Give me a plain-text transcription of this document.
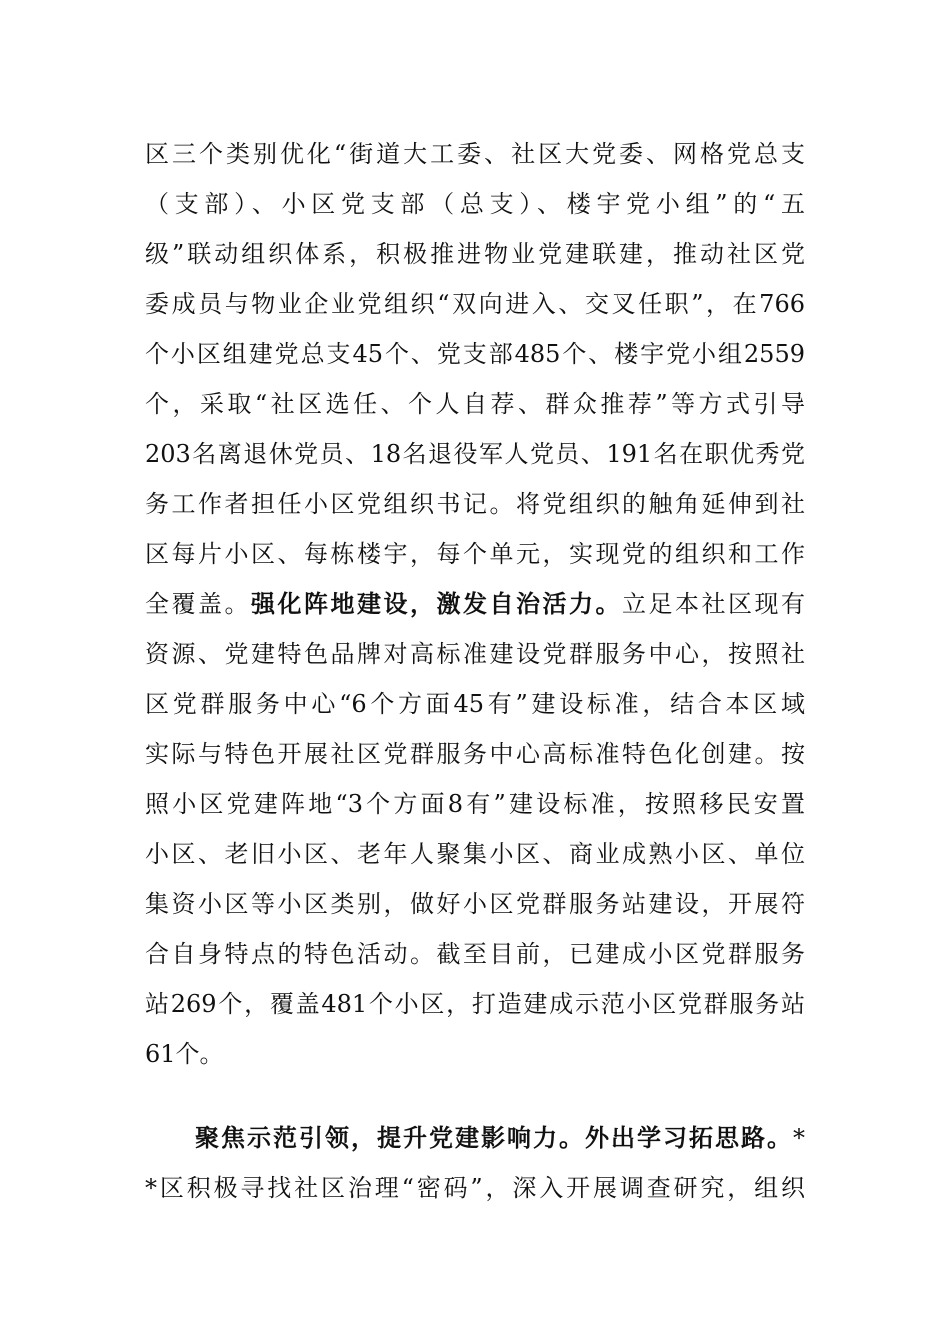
区三个类别优化“街道大工委、社区大党委、网格党总支
（支部）、小区党支部（总支）、楼宇党小组”的“五
级”联动组织体系，积极推进物业党建联建，推动社区党
委成员与物业企业党组织“双向进入、交叉任职”，在766
个小区组建党总支45个、党支部485个、楼宇党小组2559
个，采取“社区选任、个人自荐、群众推荐”等方式引导
203名离退休党员、18名退役军人党员、191名在职优秀党
务工作者担任小区党组织书记。将党组织的触角延伸到社
区每片小区、每栋楼宇，每个单元，实现党的组织和工作
全覆盖。强化阵地建设，激发自治活力。立足本社区现有
资源、党建特色品牌对高标准建设党群服务中心，按照社
区党群服务中心“6个方面45有”建设标准，结合本区域
实际与特色开展社区党群服务中心高标准特色化创建。按
照小区党建阵地“3个方面8有”建设标准，按照移民安置
小区、老旧小区、老年人聚集小区、商业成熟小区、单位
集资小区等小区类别，做好小区党群服务站建设，开展符
合自身特点的特色活动。截至目前，已建成小区党群服务
站269个，覆盖481个小区，打造建成示范小区党群服务站
61个。
聚焦示范引领，提升党建影响力。外出学习拓思路。*
*区积极寻找社区治理“密码”，深入开展调查研究，组织
